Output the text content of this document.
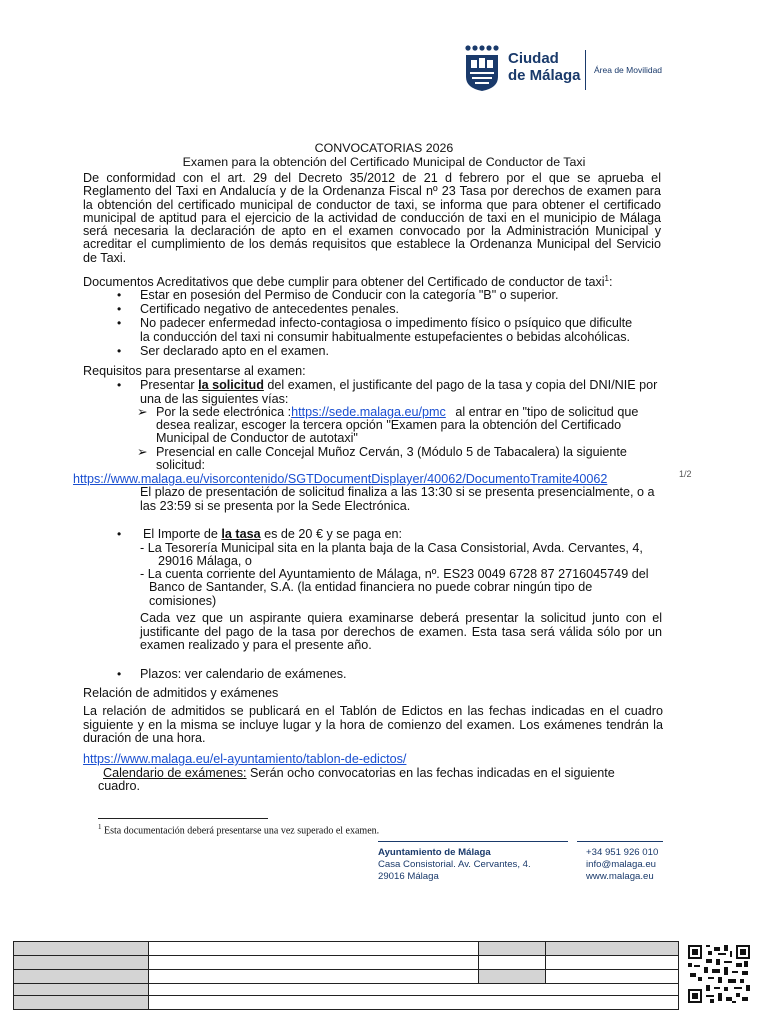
Ciudad
de Málaga Área de Movilidad
CONVOCATORIAS 2026
Examen para la obtención del Certificado Municipal de Conductor de Taxi
De conformidad con el art. 29 del Decreto 35/2012 de 21 d febrero por el que se aprueba el Reglamento del Taxi en Andalucía y de la Ordenanza Fiscal nº 23 Tasa por derechos de examen para la obtención del certificado municipal de conductor de taxi, se informa que para obtener el certificado municipal de aptitud para el ejercicio de la actividad de conducción de taxi en el municipio de Málaga será necesaria la declaración de apto en el examen convocado por la Administración Municipal y acreditar el cumplimiento de los demás requisitos que establece la Ordenanza Municipal del Servicio de Taxi.
Documentos Acreditativos que debe cumplir para obtener del Certificado de conductor de taxi$^1$:
• Estar en posesión del Permiso de Conducir con la categoría "B" o superior.
• Certificado negativo de antecedentes penales.
• No padecer enfermedad infecto-contagiosa o impedimento físico o psíquico que dificulte
la conducción del taxi ni consumir habitualmente estupefacientes o bebidas alcohólicas.
• Ser declarado apto en el examen.
Requisitos para presentarse al examen:
• Presentar la solicitud del examen, el justificante del pago de la tasa y copia del DNI/NIE por
una de las siguientes vías:
➢ Por la sede electrónica :https://sede.malaga.eu/pmc al entrar en "tipo de solicitud que
desea realizar, escoger la tercera opción "Examen para la obtención del Certificado
Municipal de Conductor de autotaxi"
➢ Presencial en calle Concejal Muñoz Cerván, 3 (Módulo 5 de Tabacalera) la siguiente
solicitud:
https://www.malaga.eu/visorcontenido/SGTDocumentDisplayer/40062/DocumentoTramite40062	1/2
El plazo de presentación de solicitud finaliza a las 13:30 si se presenta presencialmente, o a
las 23:59 si se presenta por la Sede Electrónica.
• El Importe de la tasa es de 20 € y se paga en:
- La Tesorería Municipal sita en la planta baja de la Casa Consistorial, Avda. Cervantes, 4,
29016 Málaga, o
- La cuenta corriente del Ayuntamiento de Málaga, nº. ES23 0049 6728 87 2716045749 del
Banco de Santander, S.A. (la entidad financiera no puede cobrar ningún tipo de
comisiones)
Cada vez que un aspirante quiera examinarse deberá presentar la solicitud junto con el justificante del pago de la tasa por derechos de examen. Esta tasa será válida sólo por un examen realizado y para el presente año.
• Plazos: ver calendario de exámenes.
Relación de admitidos y exámenes
La relación de admitidos se publicará en el Tablón de Edictos en las fechas indicadas en el cuadro siguiente y en la misma se incluye lugar y la hora de comienzo del examen. Los exámenes tendrán la duración de una hora.
https://www.malaga.eu/el-ayuntamiento/tablon-de-edictos/
Calendario de exámenes: Serán ocho convocatorias en las fechas indicadas en el siguiente
cuadro.
$^1$ Esta documentación deberá presentarse una vez superado el examen.
Ayuntamiento de Málaga
Casa Consistorial. Av. Cervantes, 4.
29016 Málaga
+34 951 926 010
info@malaga.eu
www.malaga.eu
